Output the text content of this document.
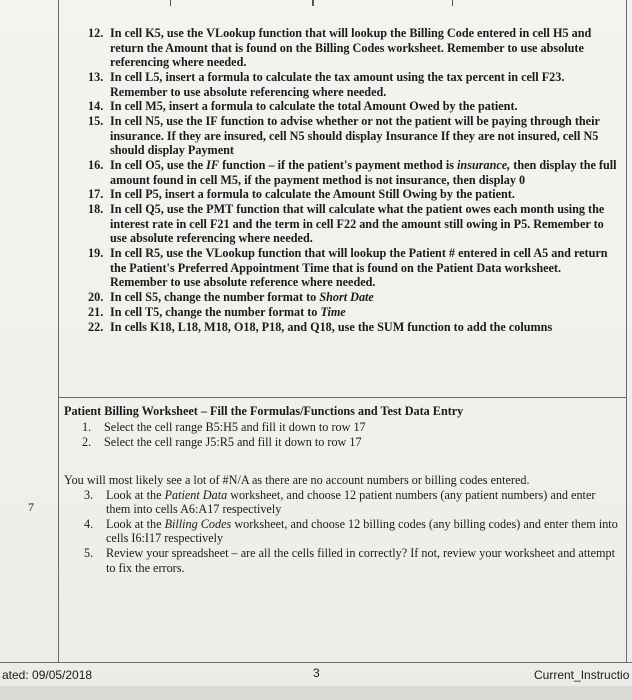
12. In cell K5, use the VLookup function that will lookup the Billing Code entered in cell H5 and return the Amount that is found on the Billing Codes worksheet. Remember to use absolute referencing where needed.
13. In cell L5, insert a formula to calculate the tax amount using the tax percent in cell F23. Remember to use absolute referencing where needed.
14. In cell M5, insert a formula to calculate the total Amount Owed by the patient.
15. In cell N5, use the IF function to advise whether or not the patient will be paying through their insurance. If they are insured, cell N5 should display Insurance If they are not insured, cell N5 should display Payment
16. In cell O5, use the IF function – if the patient's payment method is insurance, then display the full amount found in cell M5, if the payment method is not insurance, then display 0
17. In cell P5, insert a formula to calculate the Amount Still Owing by the patient.
18. In cell Q5, use the PMT function that will calculate what the patient owes each month using the interest rate in cell F21 and the term in cell F22 and the amount still owing in P5. Remember to use absolute referencing where needed.
19. In cell R5, use the VLookup function that will lookup the Patient # entered in cell A5 and return the Patient's Preferred Appointment Time that is found on the Patient Data worksheet. Remember to use absolute reference where needed.
20. In cell S5, change the number format to Short Date
21. In cell T5, change the number format to Time
22. In cells K18, L18, M18, O18, P18, and Q18, use the SUM function to add the columns
Patient Billing Worksheet – Fill the Formulas/Functions and Test Data Entry
1.	Select the cell range B5:H5 and fill it down to row 17
2.	Select the cell range J5:R5 and fill it down to row 17
7
You will most likely see a lot of #N/A as there are no account numbers or billing codes entered.
3.	Look at the Patient Data worksheet, and choose 12 patient numbers (any patient numbers) and enter them into cells A6:A17 respectively
4.	Look at the Billing Codes worksheet, and choose 12 billing codes (any billing codes) and enter them into cells I6:I17 respectively
5.	Review your spreadsheet – are all the cells filled in correctly? If not, review your worksheet and attempt to fix the errors.
ated: 09/05/2018	3	Current_Instructio
